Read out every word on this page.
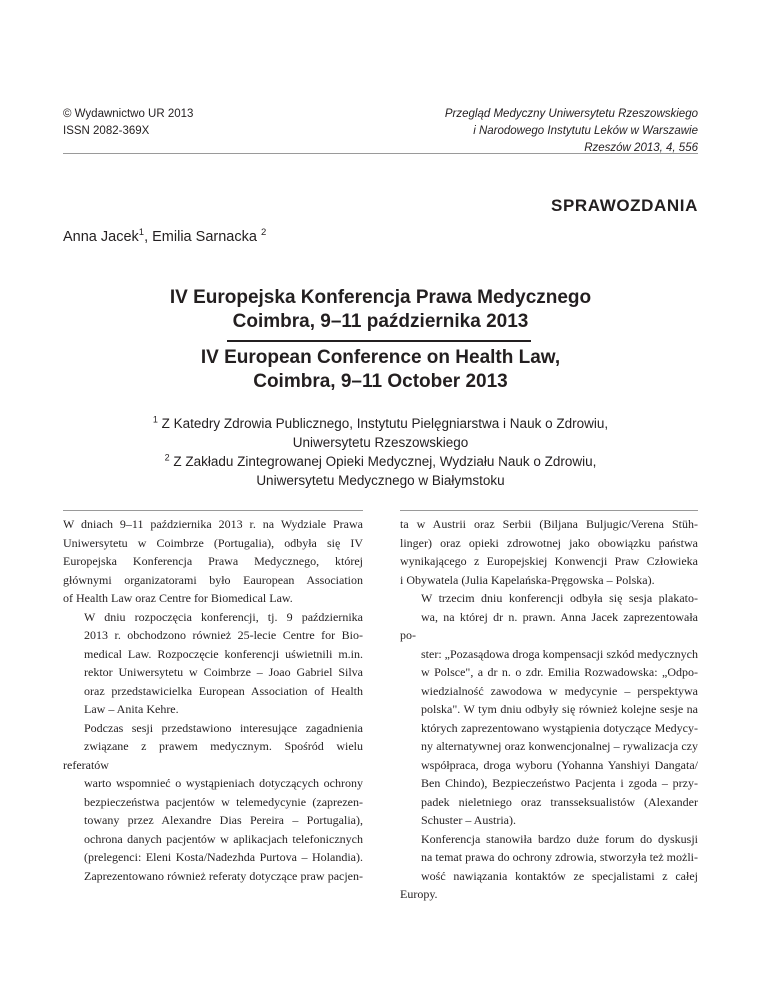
© Wydawnictwo UR 2013
ISSN 2082-369X
Przegląd Medyczny Uniwersytetu Rzeszowskiego
i Narodowego Instytutu Leków w Warszawie
Rzeszów 2013, 4, 556
SPRAWOZDANIA
Anna Jacek$^1$, Emilia Sarnacka $^2$
IV Europejska Konferencja Prawa Medycznego
Coimbra, 9–11 października 2013
IV European Conference on Health Law,
Coimbra, 9–11 October 2013
$^1$ Z Katedry Zdrowia Publicznego, Instytutu Pielęgniarstwa i Nauk o Zdrowiu,
Uniwersytetu Rzeszowskiego
$^2$ Z Zakładu Zintegrowanej Opieki Medycznej, Wydziału Nauk o Zdrowiu,
Uniwersytetu Medycznego w Białymstoku

W dniach 9–11 października 2013 r. na Wydziale Prawa
Uniwersytetu w Coimbrze (Portugalia), odbyła się IV
Europejska Konferencja Prawa Medycznego, której
głównymi organizatorami było Eauropean Association
of Health Law oraz Centre for Biomedical Law.

W dniu rozpoczęcia konferencji, tj. 9 października
2013 r. obchodzono również 25-lecie Centre for Bio-
medical Law. Rozpoczęcie konferencji uświetnili m.in.
rektor Uniwersytetu w Coimbrze – Joao Gabriel Silva
oraz przedstawicielka European Association of Health
Law – Anita Kehre.

Podczas sesji przedstawiono interesujące zagadnienia
związane z prawem medycznym. Spośród wielu referatów
warto wspomnieć o wystąpieniach dotyczących ochrony
bezpieczeństwa pacjentów w telemedycynie (zaprezen-
towany przez Alexandre Dias Pereira – Portugalia),
ochrona danych pacjentów w aplikacjach telefonicznych
(prelegenci: Eleni Kosta/Nadezhda Purtova – Holandia).
Zaprezentowano również referaty dotyczące praw pacjen-

ta w Austrii oraz Serbii (Biljana Buljugic/Verena Stüh-
linger) oraz opieki zdrowotnej jako obowiązku państwa
wynikającego z Europejskiej Konwencji Praw Człowieka
i Obywatela (Julia Kapelańska-Pręgowska – Polska).

W trzecim dniu konferencji odbyła się sesja plakato-
wa, na której dr n. prawn. Anna Jacek zaprezentowała po-
ster: „Pozasądowa droga kompensacji szkód medycznych
w Polsce", a dr n. o zdr. Emilia Rozwadowska: „Odpo-
wiedzialność zawodowa w medycynie – perspektywa
polska". W tym dniu odbyły się również kolejne sesje na
których zaprezentowano wystąpienia dotyczące Medycy-
ny alternatywnej oraz konwencjonalnej – rywalizacja czy
współpraca, droga wyboru (Yohanna Yanshiyi Dangata/
Ben Chindo), Bezpieczeństwo Pacjenta i zgoda – przy-
padek nieletniego oraz transseksualistów (Alexander
Schuster – Austria).

Konferencja stanowiła bardzo duże forum do dyskusji
na temat prawa do ochrony zdrowia, stworzyła też możli-
wość nawiązania kontaktów ze specjalistami z całej Europy.
